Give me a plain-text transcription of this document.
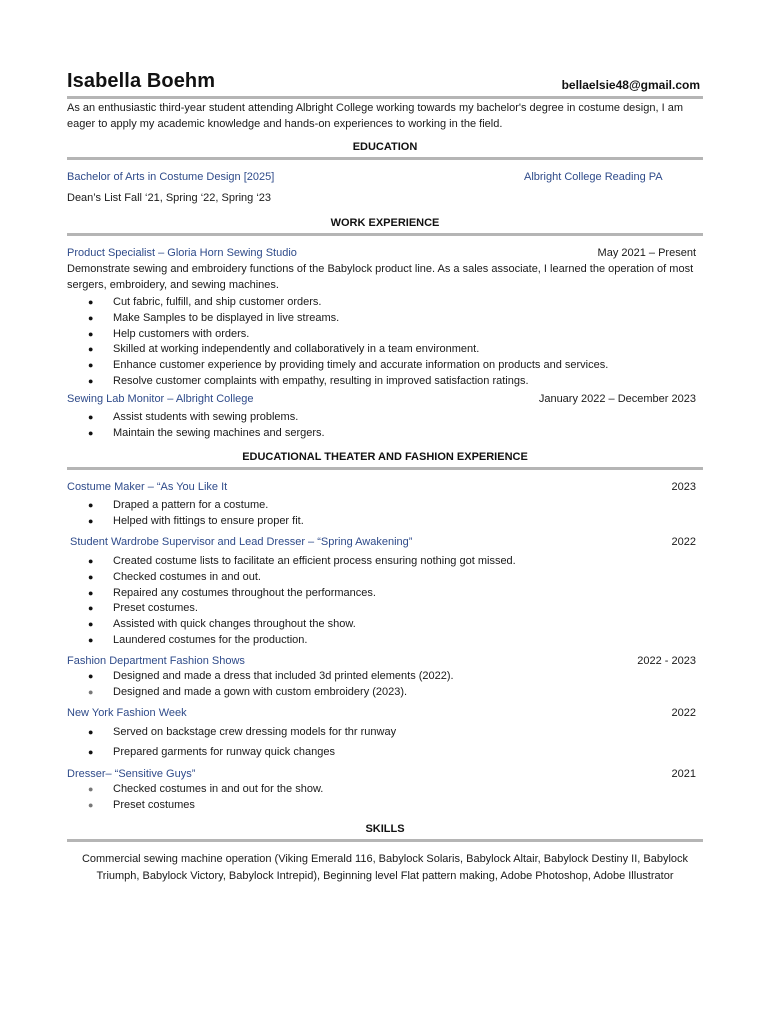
Isabella Boehm	bellaelsie48@gmail.com
As an enthusiastic third-year student attending Albright College working towards my bachelor's degree in costume design, I am eager to apply my academic knowledge and hands-on experiences to working in the field.
EDUCATION
Bachelor of Arts in Costume Design [2025]	Albright College Reading PA
Dean’s List Fall ‘21, Spring ‘22, Spring ‘23
WORK EXPERIENCE
Product Specialist – Gloria Horn Sewing Studio	May 2021 – Present
Demonstrate sewing and embroidery functions of the Babylock product line. As a sales associate, I learned the operation of most sergers, embroidery, and sewing machines.
● Cut fabric, fulfill, and ship customer orders.
● Make Samples to be displayed in live streams.
● Help customers with orders.
● Skilled at working independently and collaboratively in a team environment.
● Enhance customer experience by providing timely and accurate information on products and services.
● Resolve customer complaints with empathy, resulting in improved satisfaction ratings.
Sewing Lab Monitor – Albright College	January 2022 – December 2023
● Assist students with sewing problems.
● Maintain the sewing machines and sergers.
EDUCATIONAL THEATER AND FASHION EXPERIENCE
Costume Maker – “As You Like It	2023
● Draped a pattern for a costume.
● Helped with fittings to ensure proper fit.
Student Wardrobe Supervisor and Lead Dresser – “Spring Awakening”	2022
● Created costume lists to facilitate an efficient process ensuring nothing got missed.
● Checked costumes in and out.
● Repaired any costumes throughout the performances.
● Preset costumes.
● Assisted with quick changes throughout the show.
● Laundered costumes for the production.
Fashion Department Fashion Shows	2022 - 2023
● Designed and made a dress that included 3d printed elements (2022).
● Designed and made a gown with custom embroidery (2023).
New York Fashion Week	2022
● Served on backstage crew dressing models for thr runway
● Prepared garments for runway quick changes
Dresser– “Sensitive Guys”	2021
● Checked costumes in and out for the show.
● Preset costumes
SKILLS
Commercial sewing machine operation (Viking Emerald 116, Babylock Solaris, Babylock Altair, Babylock Destiny II, Babylock Triumph, Babylock Victory, Babylock Intrepid), Beginning level Flat pattern making, Adobe Photoshop, Adobe Illustrator
